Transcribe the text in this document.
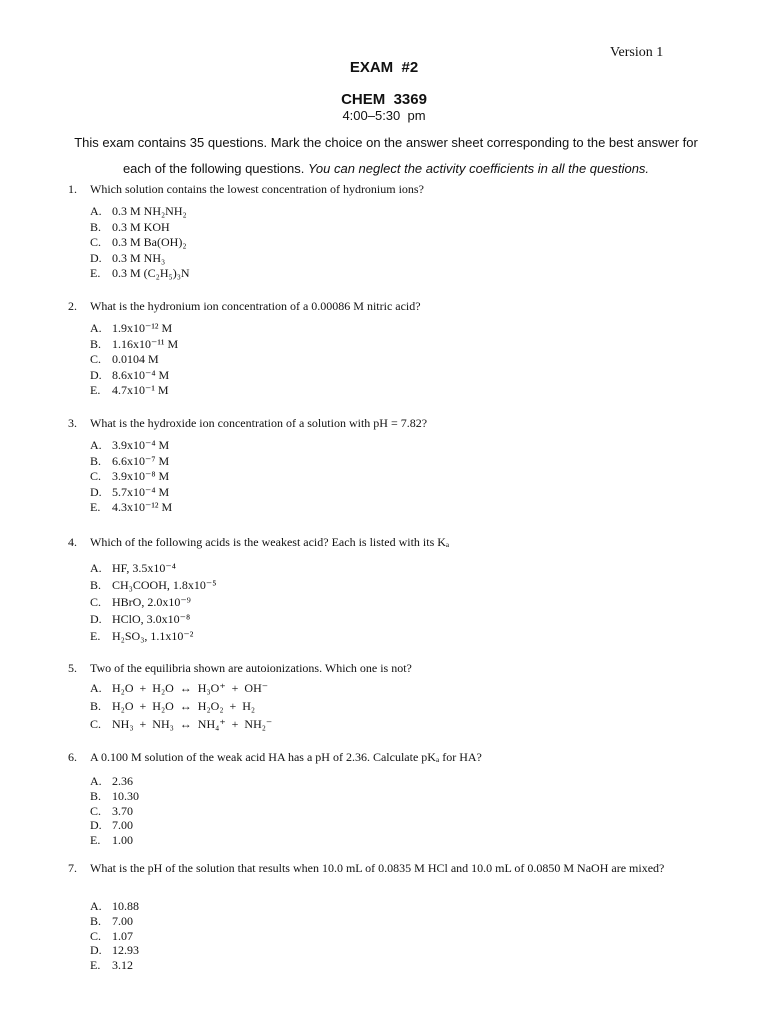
Version 1
EXAM  #2
CHEM  3369
4:00–5:30  pm
This exam contains 35 questions. Mark the choice on the answer sheet corresponding to the best answer for each of the following questions. You can neglect the activity coefficients in all the questions.
1. Which solution contains the lowest concentration of hydronium ions?
A. 0.3 M NH₂NH₂
B. 0.3 M KOH
C. 0.3 M Ba(OH)₂
D. 0.3 M NH₃
E. 0.3 M (C₂H₅)₃N
2. What is the hydronium ion concentration of a 0.00086 M nitric acid?
A. 1.9x10⁻¹² M
B. 1.16x10⁻¹¹ M
C. 0.0104 M
D. 8.6x10⁻⁴ M
E. 4.7x10⁻¹ M
3. What is the hydroxide ion concentration of a solution with pH = 7.82?
A. 3.9x10⁻⁴ M
B. 6.6x10⁻⁷ M
C. 3.9x10⁻⁸ M
D. 5.7x10⁻⁴ M
E. 4.3x10⁻¹² M
4. Which of the following acids is the weakest acid? Each is listed with its Kₐ
A. HF, 3.5x10⁻⁴
B. CH₃COOH, 1.8x10⁻⁵
C. HBrO, 2.0x10⁻⁹
D. HClO, 3.0x10⁻⁸
E. H₂SO₃, 1.1x10⁻²
5. Two of the equilibria shown are autoionizations. Which one is not?
A. H₂O  +  H₂O  ↔  H₃O⁺  +  OH⁻
B. H₂O  +  H₂O  ↔  H₂O₂  +  H₂
C. NH₃  +  NH₃  ↔  NH₄⁺  +  NH₂⁻
6. A 0.100 M solution of the weak acid HA has a pH of 2.36. Calculate pKₐ for HA?
A. 2.36
B. 10.30
C. 3.70
D. 7.00
E. 1.00
7. What is the pH of the solution that results when 10.0 mL of 0.0835 M HCl and 10.0 mL of 0.0850 M NaOH are mixed?
A. 10.88
B. 7.00
C. 1.07
D. 12.93
E. 3.12
